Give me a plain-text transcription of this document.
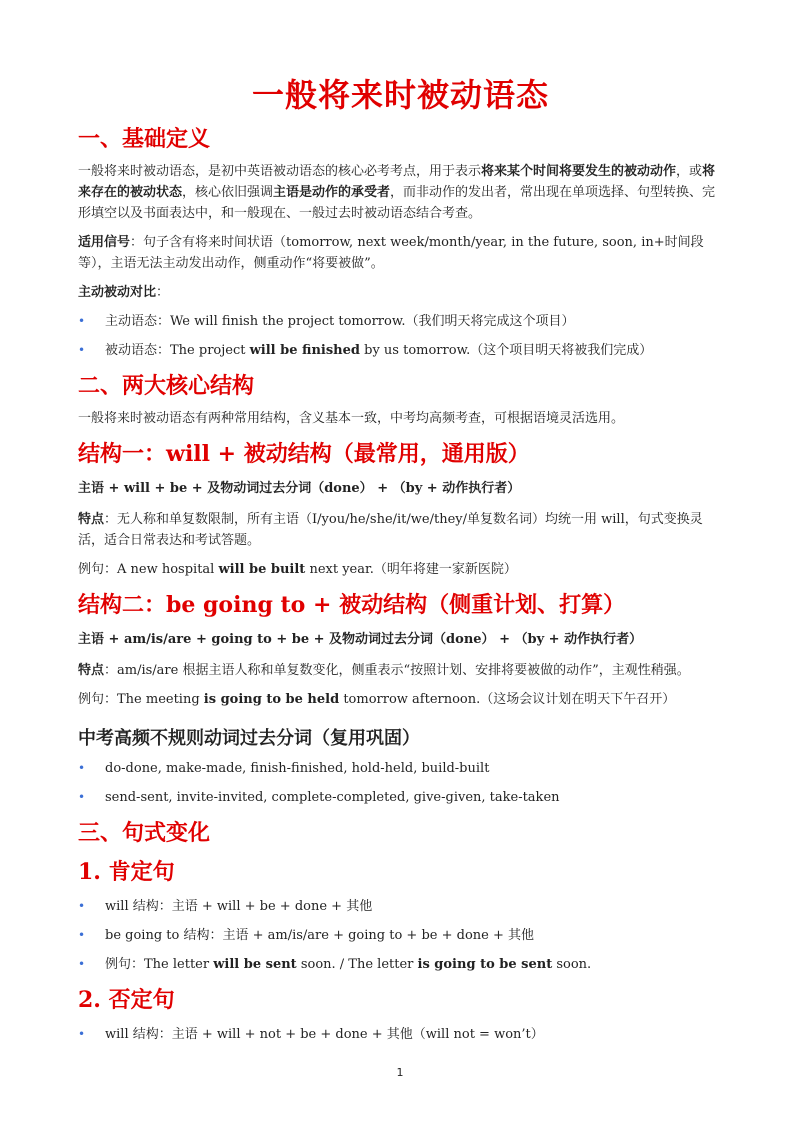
一般将来时被动语态
一、基础定义

一般将来时被动语态，是初中英语被动语态的核心必考考点，用于表示将来某个时间将要发生的被动动作，或将来存在的被动状态，核心依旧强调主语是动作的承受者，而非动作的发出者，常出现在单项选择、句型转换、完形填空以及书面表达中，和一般现在、一般过去时被动语态结合考查。

适用信号：句子含有将来时间状语（tomorrow, next week/month/year, in the future, soon, in+时间段等），主语无法主动发出动作，侧重动作“将要被做”。

主动被动对比：

• 主动语态：We will finish the project tomorrow.（我们明天将完成这个项目）
• 被动语态：The project will be finished by us tomorrow.（这个项目明天将被我们完成）
二、两大核心结构

一般将来时被动语态有两种常用结构，含义基本一致，中考均高频考查，可根据语境灵活选用。

结构一：will + 被动结构（最常用，通用版）

主语 + will + be + 及物动词过去分词（done） + （by + 动作执行者）

特点：无人称和单复数限制，所有主语（I/you/he/she/it/we/they/单复数名词）均统一用 will，句式变换灵活，适合日常表达和考试答题。

例句：A new hospital will be built next year.（明年将建一家新医院）

结构二：be going to + 被动结构（侧重计划、打算）

主语 + am/is/are + going to + be + 及物动词过去分词（done） + （by + 动作执行者）

特点：am/is/are 根据主语人称和单复数变化，侧重表示“按照计划、安排将要被做的动作”，主观性稍强。

例句：The meeting is going to be held tomorrow afternoon.（这场会议计划在明天下午召开）

中考高频不规则动词过去分词（复用巩固）
• do-done, make-made, finish-finished, hold-held, build-built
• send-sent, invite-invited, complete-completed, give-given, take-taken
三、句式变化
1. 肯定句
• will 结构：主语 + will + be + done + 其他
• be going to 结构：主语 + am/is/are + going to + be + done + 其他
• 例句：The letter will be sent soon. / The letter is going to be sent soon.
2. 否定句
• will 结构：主语 + will + not + be + done + 其他（will not = won’t）
1
